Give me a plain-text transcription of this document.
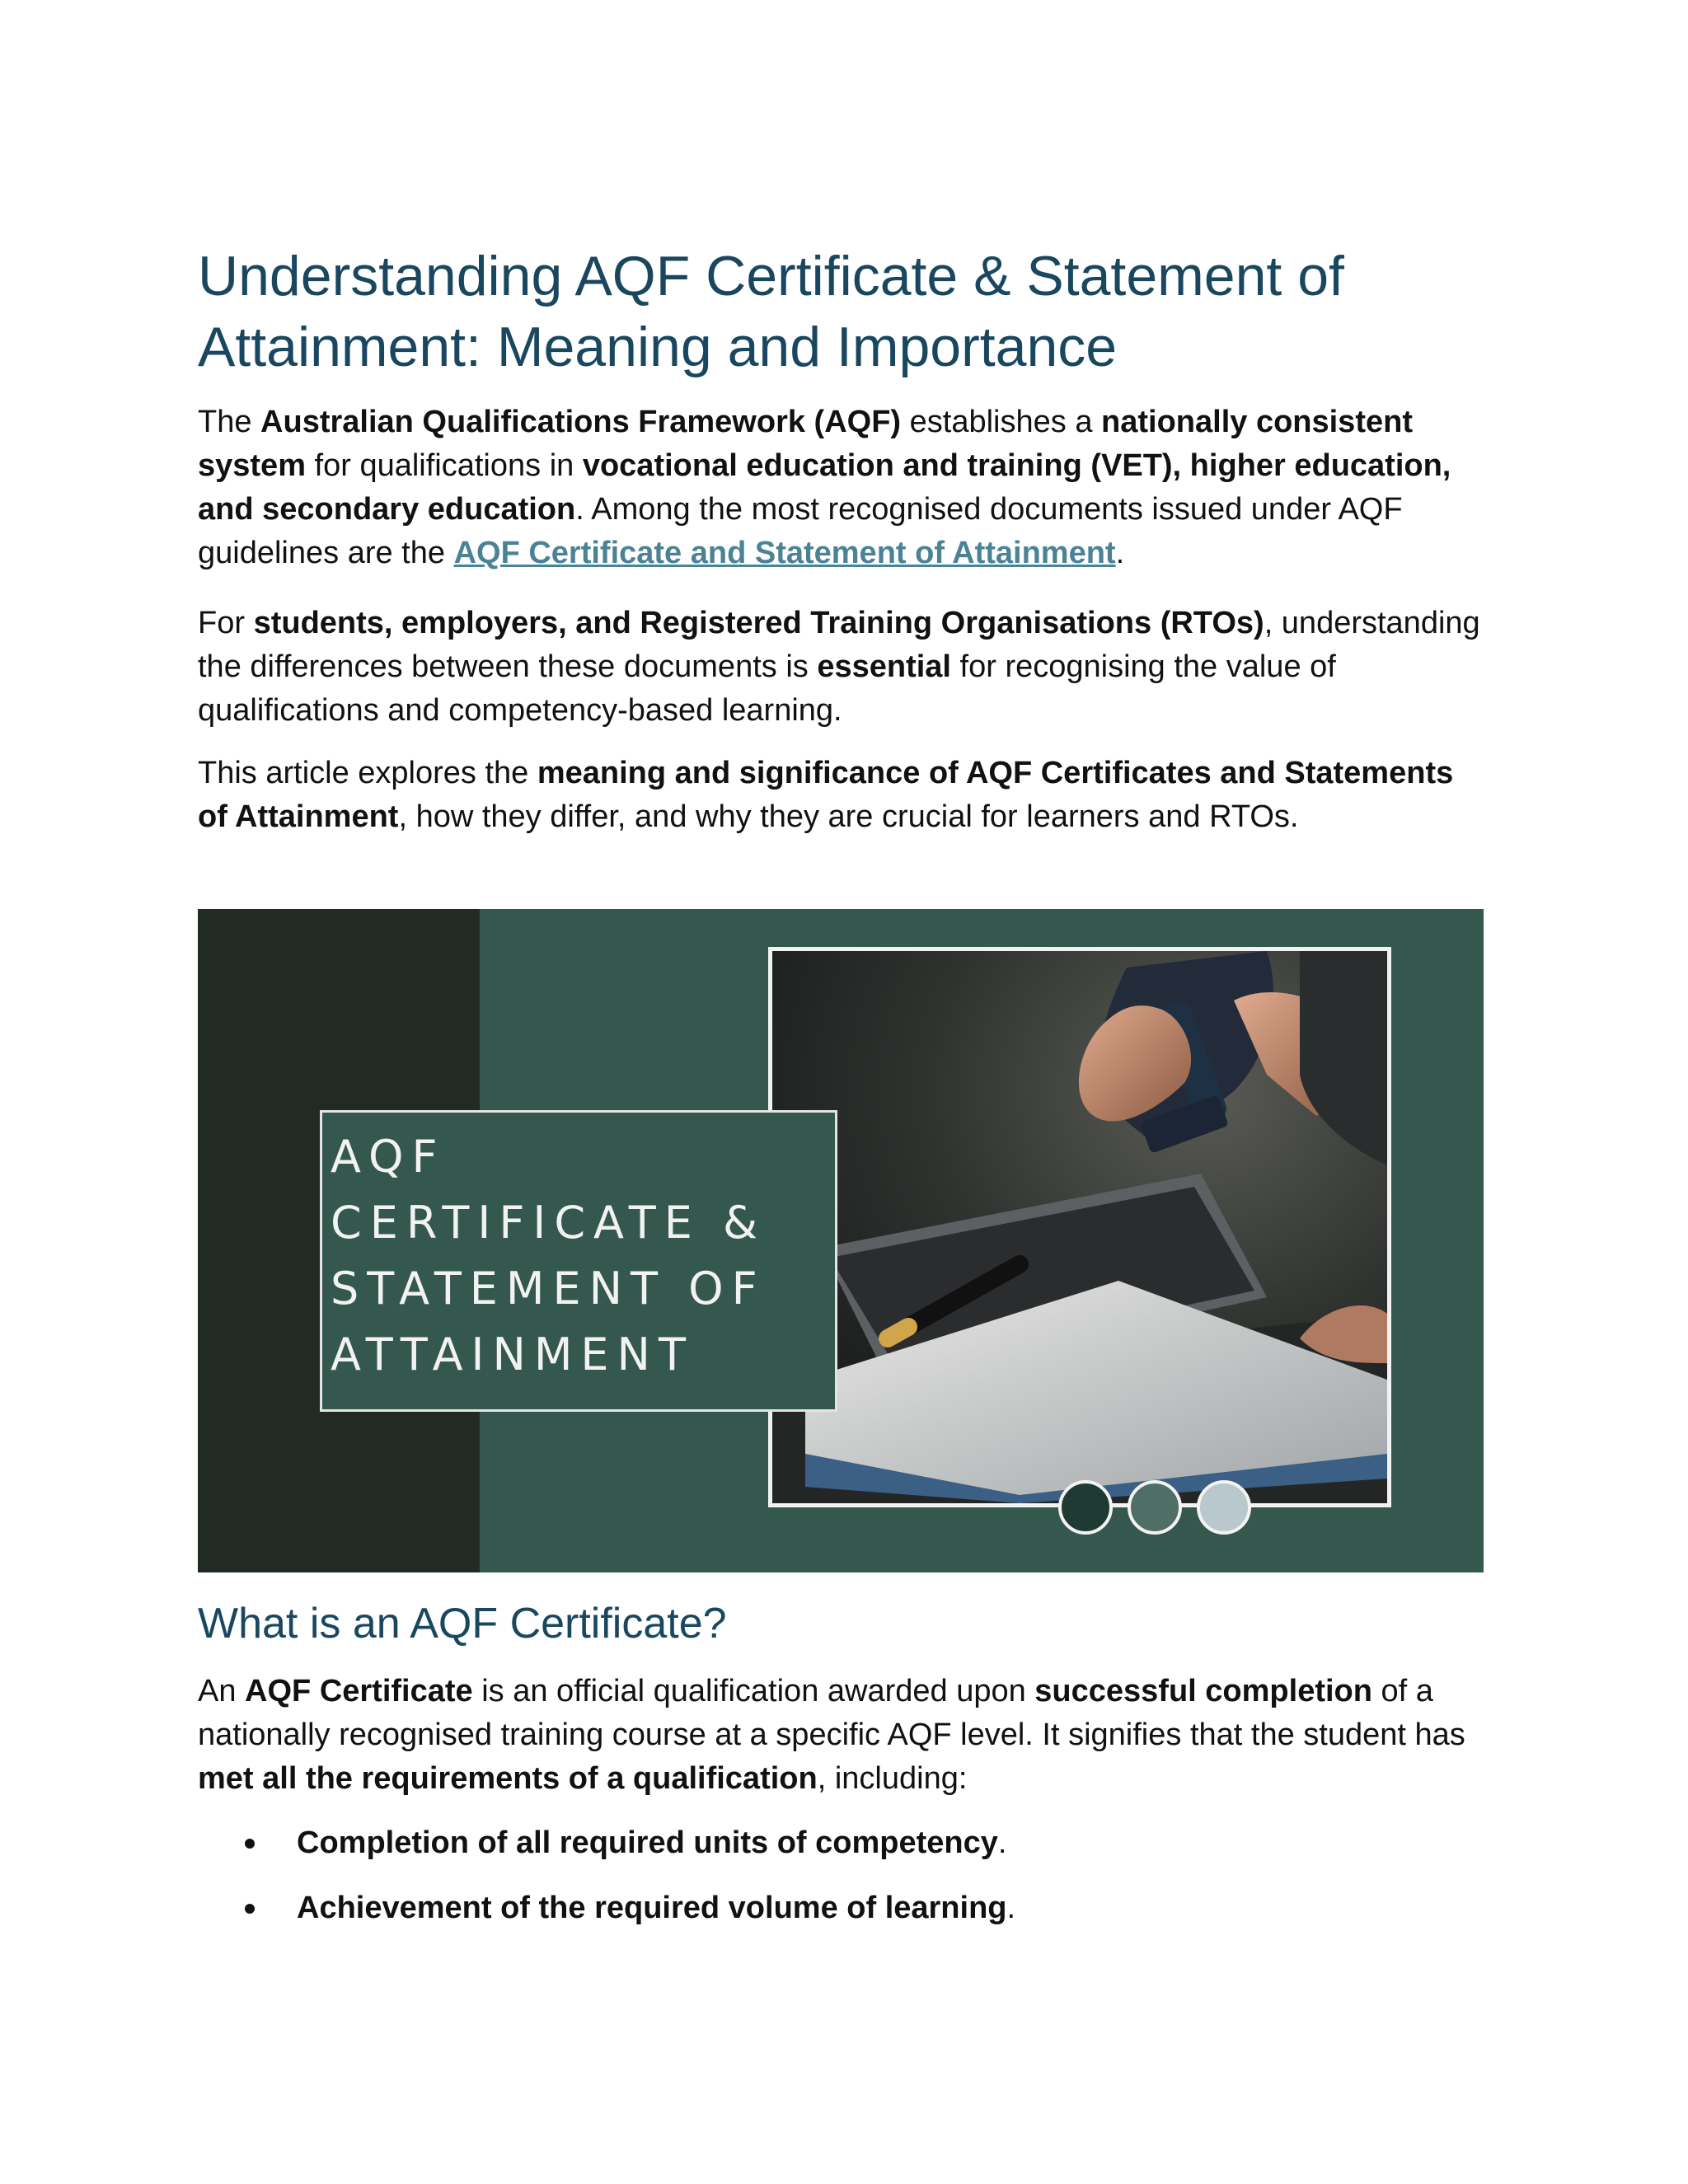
Understanding AQF Certificate & Statement of
Attainment: Meaning and Importance

The Australian Qualifications Framework (AQF) establishes a nationally consistent system for qualifications in vocational education and training (VET), higher education, and secondary education. Among the most recognised documents issued under AQF guidelines are the AQF Certificate and Statement of Attainment.

For students, employers, and Registered Training Organisations (RTOs), understanding the differences between these documents is essential for recognising the value of qualifications and competency-based learning.

This article explores the meaning and significance of AQF Certificates and Statements of Attainment, how they differ, and why they are crucial for learners and RTOs.

AQF
CERTIFICATE &
STATEMENT OF
ATTAINMENT
What is an AQF Certificate?

An AQF Certificate is an official qualification awarded upon successful completion of a nationally recognised training course at a specific AQF level. It signifies that the student has met all the requirements of a qualification, including:

Completion of all required units of competency.
Achievement of the required volume of learning.
